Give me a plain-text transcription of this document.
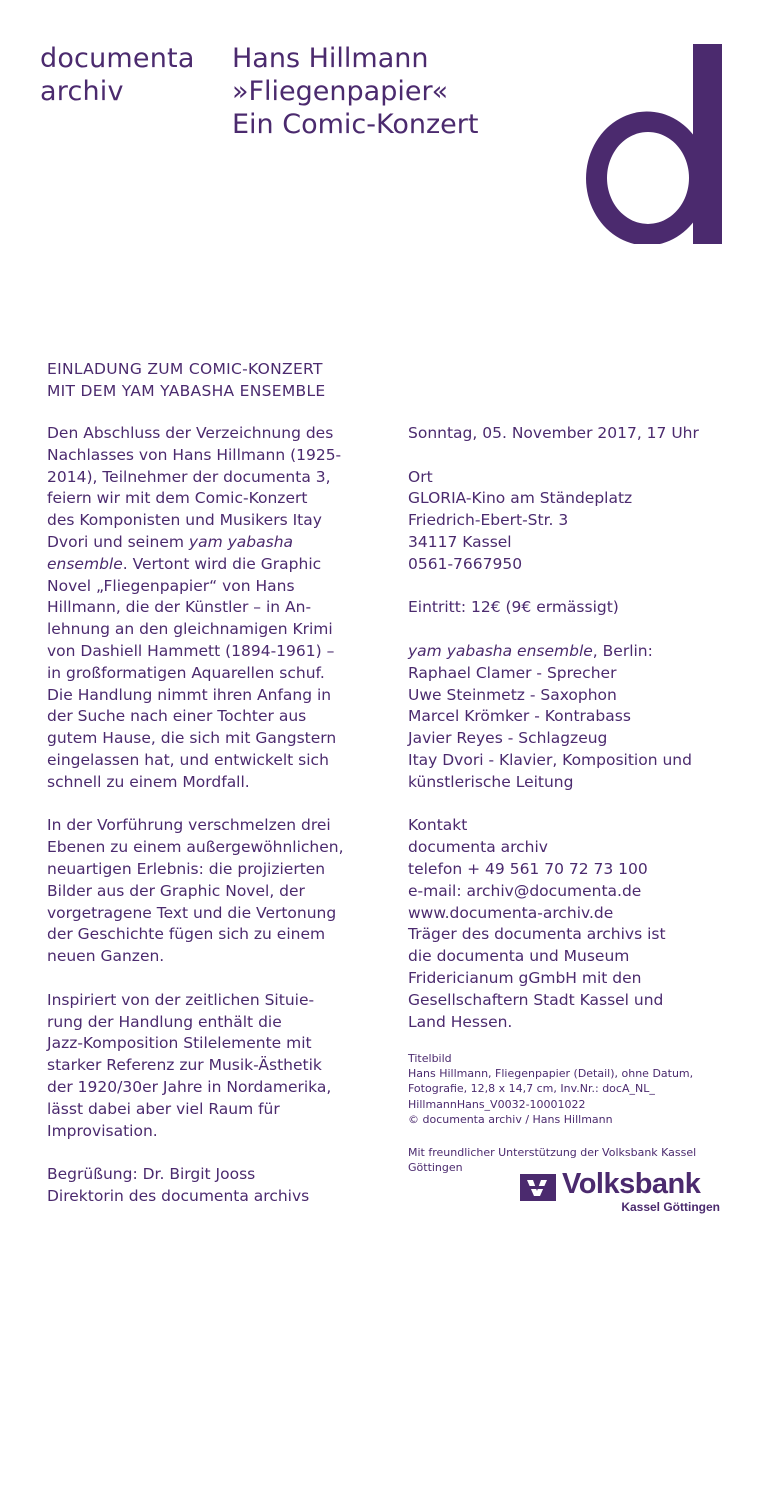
documenta
archiv
Hans Hillmann
»Fliegenpapier«
Ein Comic-Konzert
EINLADUNG ZUM COMIC-KONZERT
MIT DEM YAM YABASHA ENSEMBLE
Den Abschluss der Verzeichnung des
Nachlasses von Hans Hillmann (1925-
2014), Teilnehmer der documenta 3,
feiern wir mit dem Comic-Konzert
des Komponisten und Musikers Itay
Dvori und seinem yam yabasha
ensemble. Vertont wird die Graphic
Novel „Fliegenpapier“ von Hans
Hillmann, die der Künstler – in An-
lehnung an den gleichnamigen Krimi
von Dashiell Hammett (1894-1961) –
in großformatigen Aquarellen schuf.
Die Handlung nimmt ihren Anfang in
der Suche nach einer Tochter aus
gutem Hause, die sich mit Gangstern
eingelassen hat, und entwickelt sich
schnell zu einem Mordfall.
In der Vorführung verschmelzen drei
Ebenen zu einem außergewöhnlichen,
neuartigen Erlebnis: die projizierten
Bilder aus der Graphic Novel, der
vorgetragene Text und die Vertonung
der Geschichte fügen sich zu einem
neuen Ganzen.
Inspiriert von der zeitlichen Situie-
rung der Handlung enthält die
Jazz-Komposition Stilelemente mit
starker Referenz zur Musik-Ästhetik
der 1920/30er Jahre in Nordamerika,
lässt dabei aber viel Raum für
Improvisation.
Begrüßung: Dr. Birgit Jooss
Direktorin des documenta archivs
Sonntag, 05. November 2017, 17 Uhr
Ort
GLORIA-Kino am Ständeplatz
Friedrich-Ebert-Str. 3
34117 Kassel
0561-7667950
Eintritt: 12€ (9€ ermässigt)
yam yabasha ensemble, Berlin:
Raphael Clamer - Sprecher
Uwe Steinmetz - Saxophon
Marcel Krömker - Kontrabass
Javier Reyes - Schlagzeug
Itay Dvori - Klavier, Komposition und
künstlerische Leitung
Kontakt
documenta archiv
telefon + 49 561 70 72 73 100
e-mail: archiv@documenta.de
www.documenta-archiv.de
Träger des documenta archivs ist
die documenta und Museum
Fridericianum gGmbH mit den
Gesellschaftern Stadt Kassel und
Land Hessen.
Titelbild
Hans Hillmann, Fliegenpapier (Detail), ohne Datum,
Fotografie, 12,8 x 14,7 cm, Inv.Nr.: docA_NL_
HillmannHans_V0032-10001022
© documenta archiv / Hans Hillmann
Mit freundlicher Unterstützung der Volksbank Kassel
Göttingen
Volksbank
Kassel Göttingen
